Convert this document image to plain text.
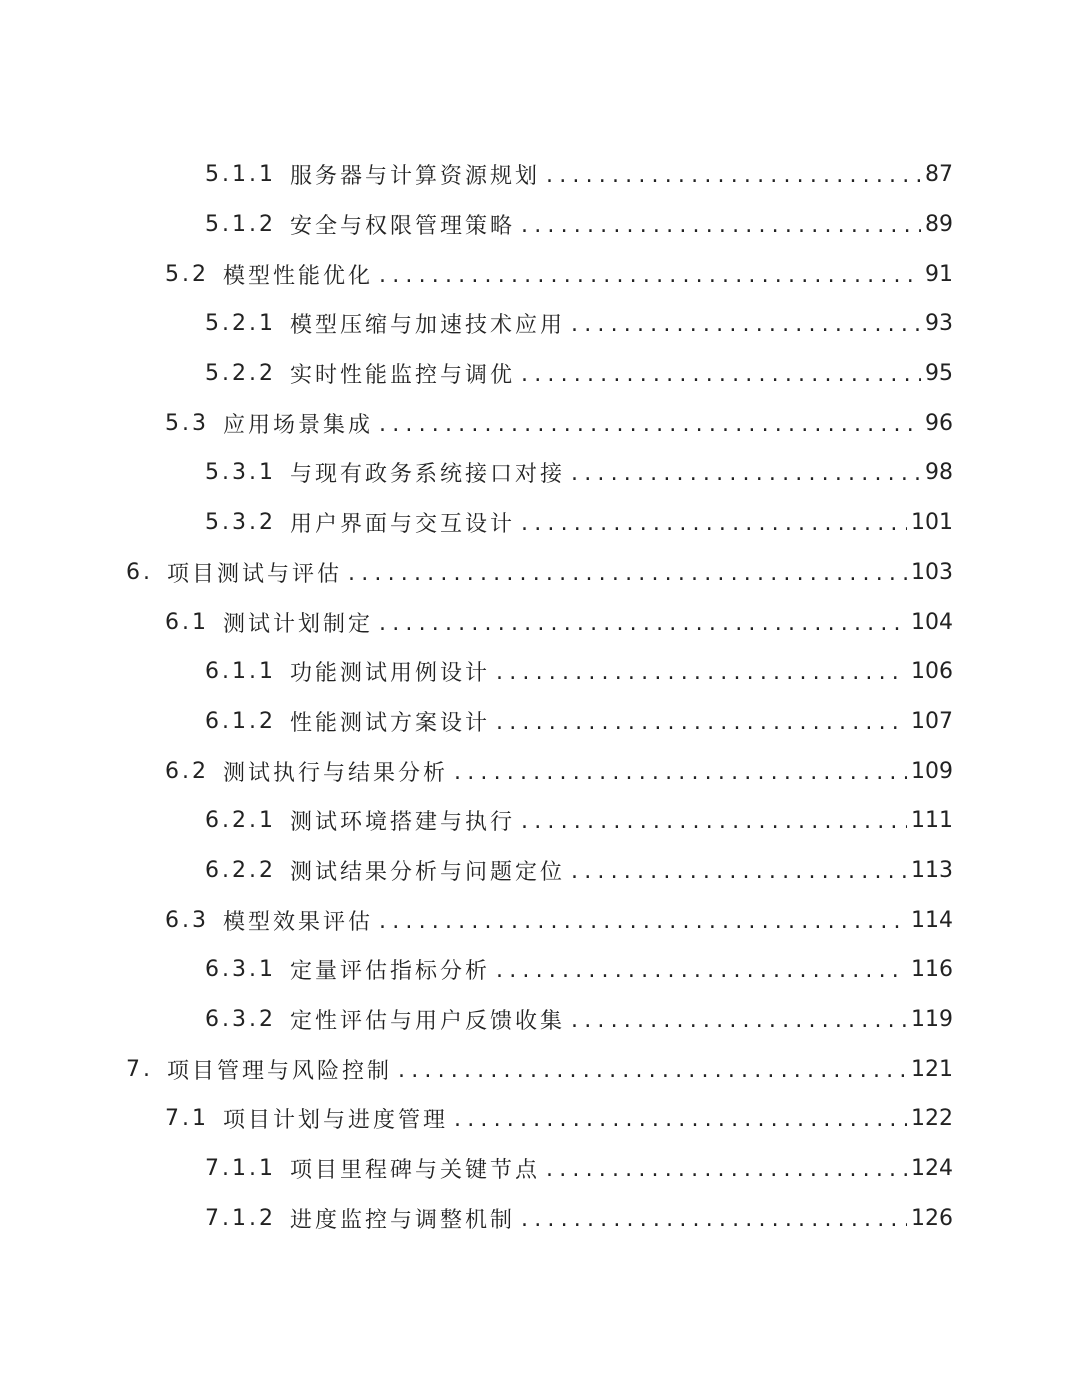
5.1.1 服务器与计算资源规划 .....	87
5.1.2 安全与权限管理策略 .....	89
5.2 模型性能优化 .....	91
5.2.1 模型压缩与加速技术应用 .....	93
5.2.2 实时性能监控与调优 .....	95
5.3 应用场景集成 .....	96
5.3.1 与现有政务系统接口对接 .....	98
5.3.2 用户界面与交互设计 .....	101
6. 项目测试与评估 .....	103
6.1 测试计划制定 .....	104
6.1.1 功能测试用例设计 .....	106
6.1.2 性能测试方案设计 .....	107
6.2 测试执行与结果分析 .....	109
6.2.1 测试环境搭建与执行 .....	111
6.2.2 测试结果分析与问题定位 .....	113
6.3 模型效果评估 .....	114
6.3.1 定量评估指标分析 .....	116
6.3.2 定性评估与用户反馈收集 .....	119
7. 项目管理与风险控制 .....	121
7.1 项目计划与进度管理 .....	122
7.1.1 项目里程碑与关键节点 .....	124
7.1.2 进度监控与调整机制 .....	126
